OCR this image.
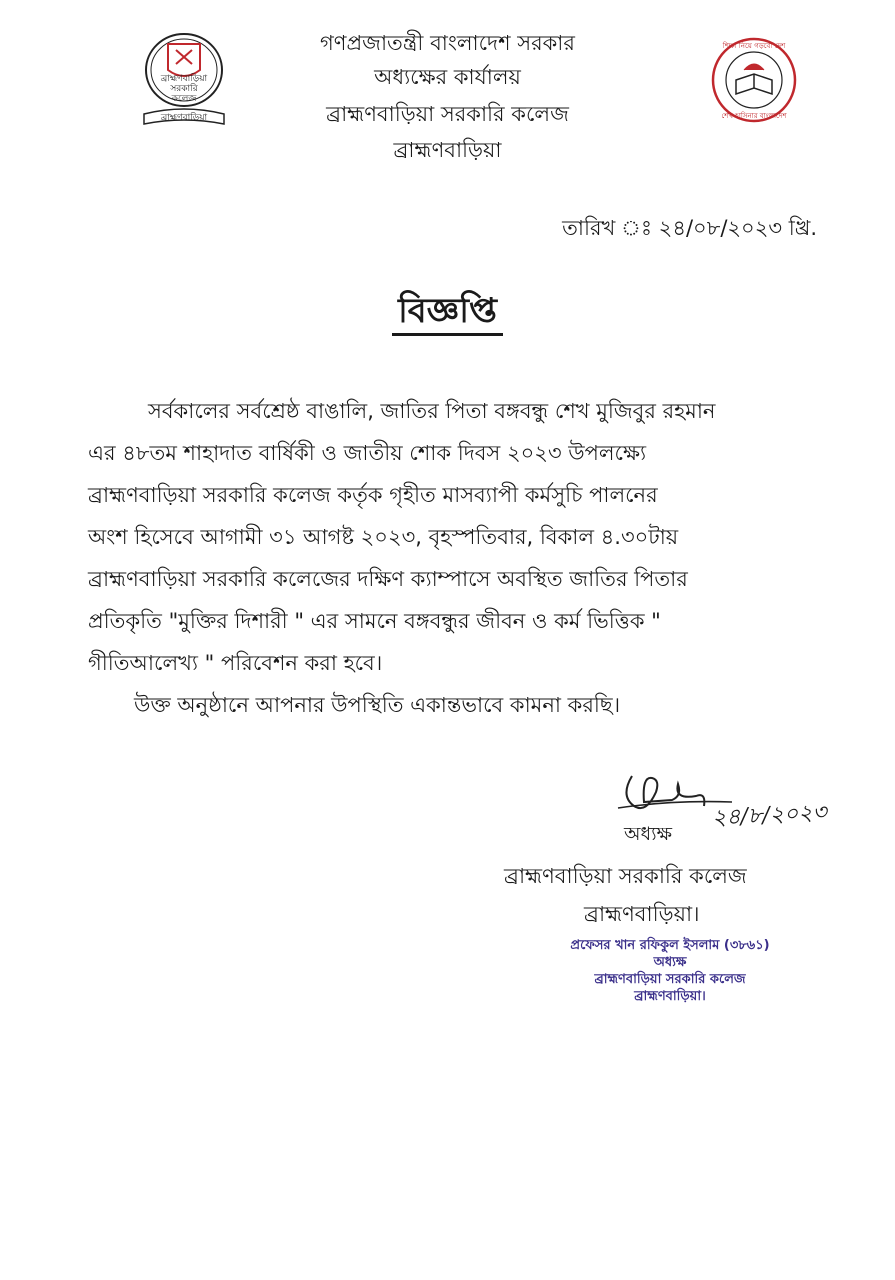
ব্রাহ্মণবাড়িয়া
সরকারি
কলেজ
ব্রাহ্মণবাড়িয়া
গণপ্রজাতন্ত্রী বাংলাদেশ সরকার
অধ্যক্ষের কার্যালয়
ব্রাহ্মণবাড়িয়া সরকারি কলেজ
ব্রাহ্মণবাড়িয়া
শিক্ষা নিয়ে গড়বো দেশ
শেখ হাসিনার বাংলাদেশ
তারিখ ঃ ২৪/০৮/২০২৩ খ্রি.
বিজ্ঞপ্তি
সর্বকালের সর্বশ্রেষ্ঠ বাঙালি, জাতির পিতা বঙ্গবন্ধু শেখ মুজিবুর রহমান
এর ৪৮তম শাহাদাত বার্ষিকী ও জাতীয় শোক দিবস ২০২৩ উপলক্ষ্যে
ব্রাহ্মণবাড়িয়া সরকারি কলেজ কর্তৃক গৃহীত মাসব্যাপী কর্মসুচি পালনের
অংশ হিসেবে আগামী ৩১ আগষ্ট ২০২৩, বৃহস্পতিবার, বিকাল ৪.৩০টায়
ব্রাহ্মণবাড়িয়া সরকারি কলেজের দক্ষিণ ক্যাম্পাসে অবস্থিত জাতির পিতার
প্রতিকৃতি "মুক্তির দিশারী " এর সামনে বঙ্গবন্ধুর জীবন ও কর্ম ভিত্তিক "
গীতিআলেখ্য " পরিবেশন করা হবে।
উক্ত অনুষ্ঠানে আপনার উপস্থিতি একান্তভাবে কামনা করছি।
২৪/৮/২০২৩
অধ্যক্ষ
ব্রাহ্মণবাড়িয়া সরকারি কলেজ
ব্রাহ্মণবাড়িয়া।
প্রফেসর খান রফিকুল ইসলাম (৩৮৬১)
অধ্যক্ষ
ব্রাহ্মণবাড়িয়া সরকারি কলেজ
ব্রাহ্মণবাড়িয়া।
